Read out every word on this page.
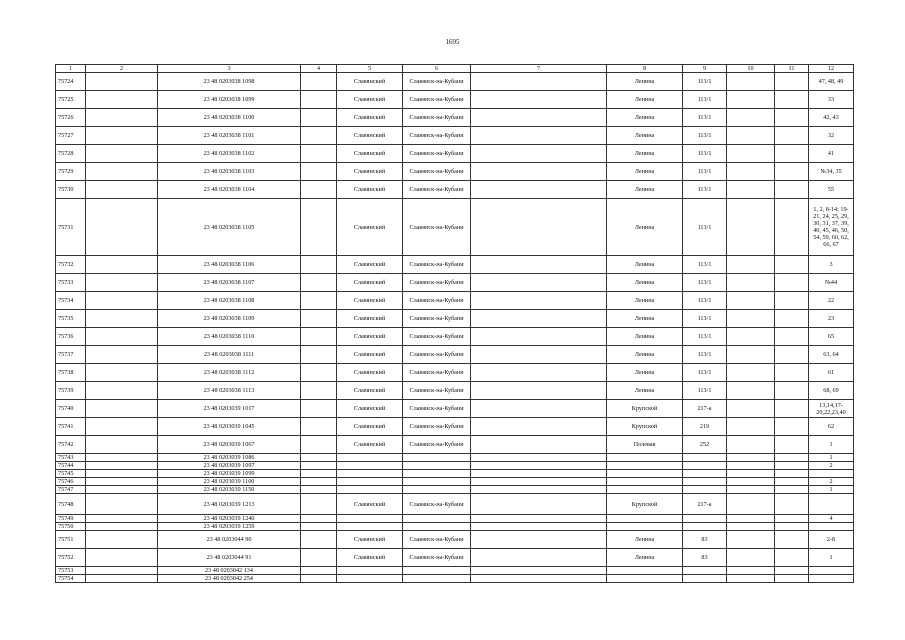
1695
1	2	3	4	5	6	7	8	9	10	11	12
75724		23 48 0203038 1098		Славянский	Славянск-на-Кубани		Ленина	113/1			47, 48, 49
75725		23 48 0203038 1099		Славянский	Славянск-на-Кубани		Ленина	113/1			33
75726		23 48 0203038 1100		Славянский	Славянск-на-Кубани		Ленина	113/1			42, 43
75727		23 48 0203038 1101		Славянский	Славянск-на-Кубани		Ленина	113/1			32
75728		23 48 0203038 1102		Славянский	Славянск-на-Кубани		Ленина	113/1			41
75729		23 48 0203038 1103		Славянский	Славянск-на-Кубани		Ленина	113/1			№34, 35
75730		23 48 0203038 1104		Славянский	Славянск-на-Кубани		Ленина	113/1			55
75731		23 48 0203038 1105		Славянский	Славянск-на-Кубани		Ленина	113/1			1, 2, 8-14; 19-21, 24, 25, 29, 30, 31, 37, 39, 40, 45, 46, 50, 54, 59, 60, 62, 66, 67
75732		23 48 0203038 1106		Славянский	Славянск-на-Кубани		Ленина	113/1			3
75733		23 48 0203038 1107		Славянский	Славянск-на-Кубани		Ленина	113/1			№44
75734		23 48 0203038 1108		Славянский	Славянск-на-Кубани		Ленина	113/1			22
75735		23 48 0203038 1109		Славянский	Славянск-на-Кубани		Ленина	113/1			23
75736		23 48 0203038 1110		Славянский	Славянск-на-Кубани		Ленина	113/1			65
75737		23 48 0203038 1111		Славянский	Славянск-на-Кубани		Ленина	113/1			63, 64
75738		23 48 0203038 1112		Славянский	Славянск-на-Кубани		Ленина	113/1			61
75739		23 48 0203038 1113		Славянский	Славянск-на-Кубани		Ленина	113/1			68, 69
75740		23 48 0203039 1017		Славянский	Славянск-на-Кубани		Крупской	217-а			13,14,17-20,22,23,40
75741		23 48 0203039 1045		Славянский	Славянск-на-Кубани		Крупской	219			62
75742		23 48 0203039 1067		Славянский	Славянск-на-Кубани		Полевая	252			1
75743		23 48 0203039 1086									1
75744		23 48 0203039 1097									2
75745		23 48 0203039 1099									
75746		23 48 0203039 1100									2
75747		23 48 0203039 1150									1
75748		23 48 0203039 1213		Славянский	Славянск-на-Кубани		Крупской	217-а			
75749		23 48 0203039 1240									4
75750		23 48 0203039 1259									
75751		23 48 0203044 90		Славянский	Славянск-на-Кубани		Ленина	83			2-8
75752		23 48 0203044 91		Славянский	Славянск-на-Кубани		Ленина	83			1
75753		23 48 0203042 134									
75754		23 48 0203042 254									
